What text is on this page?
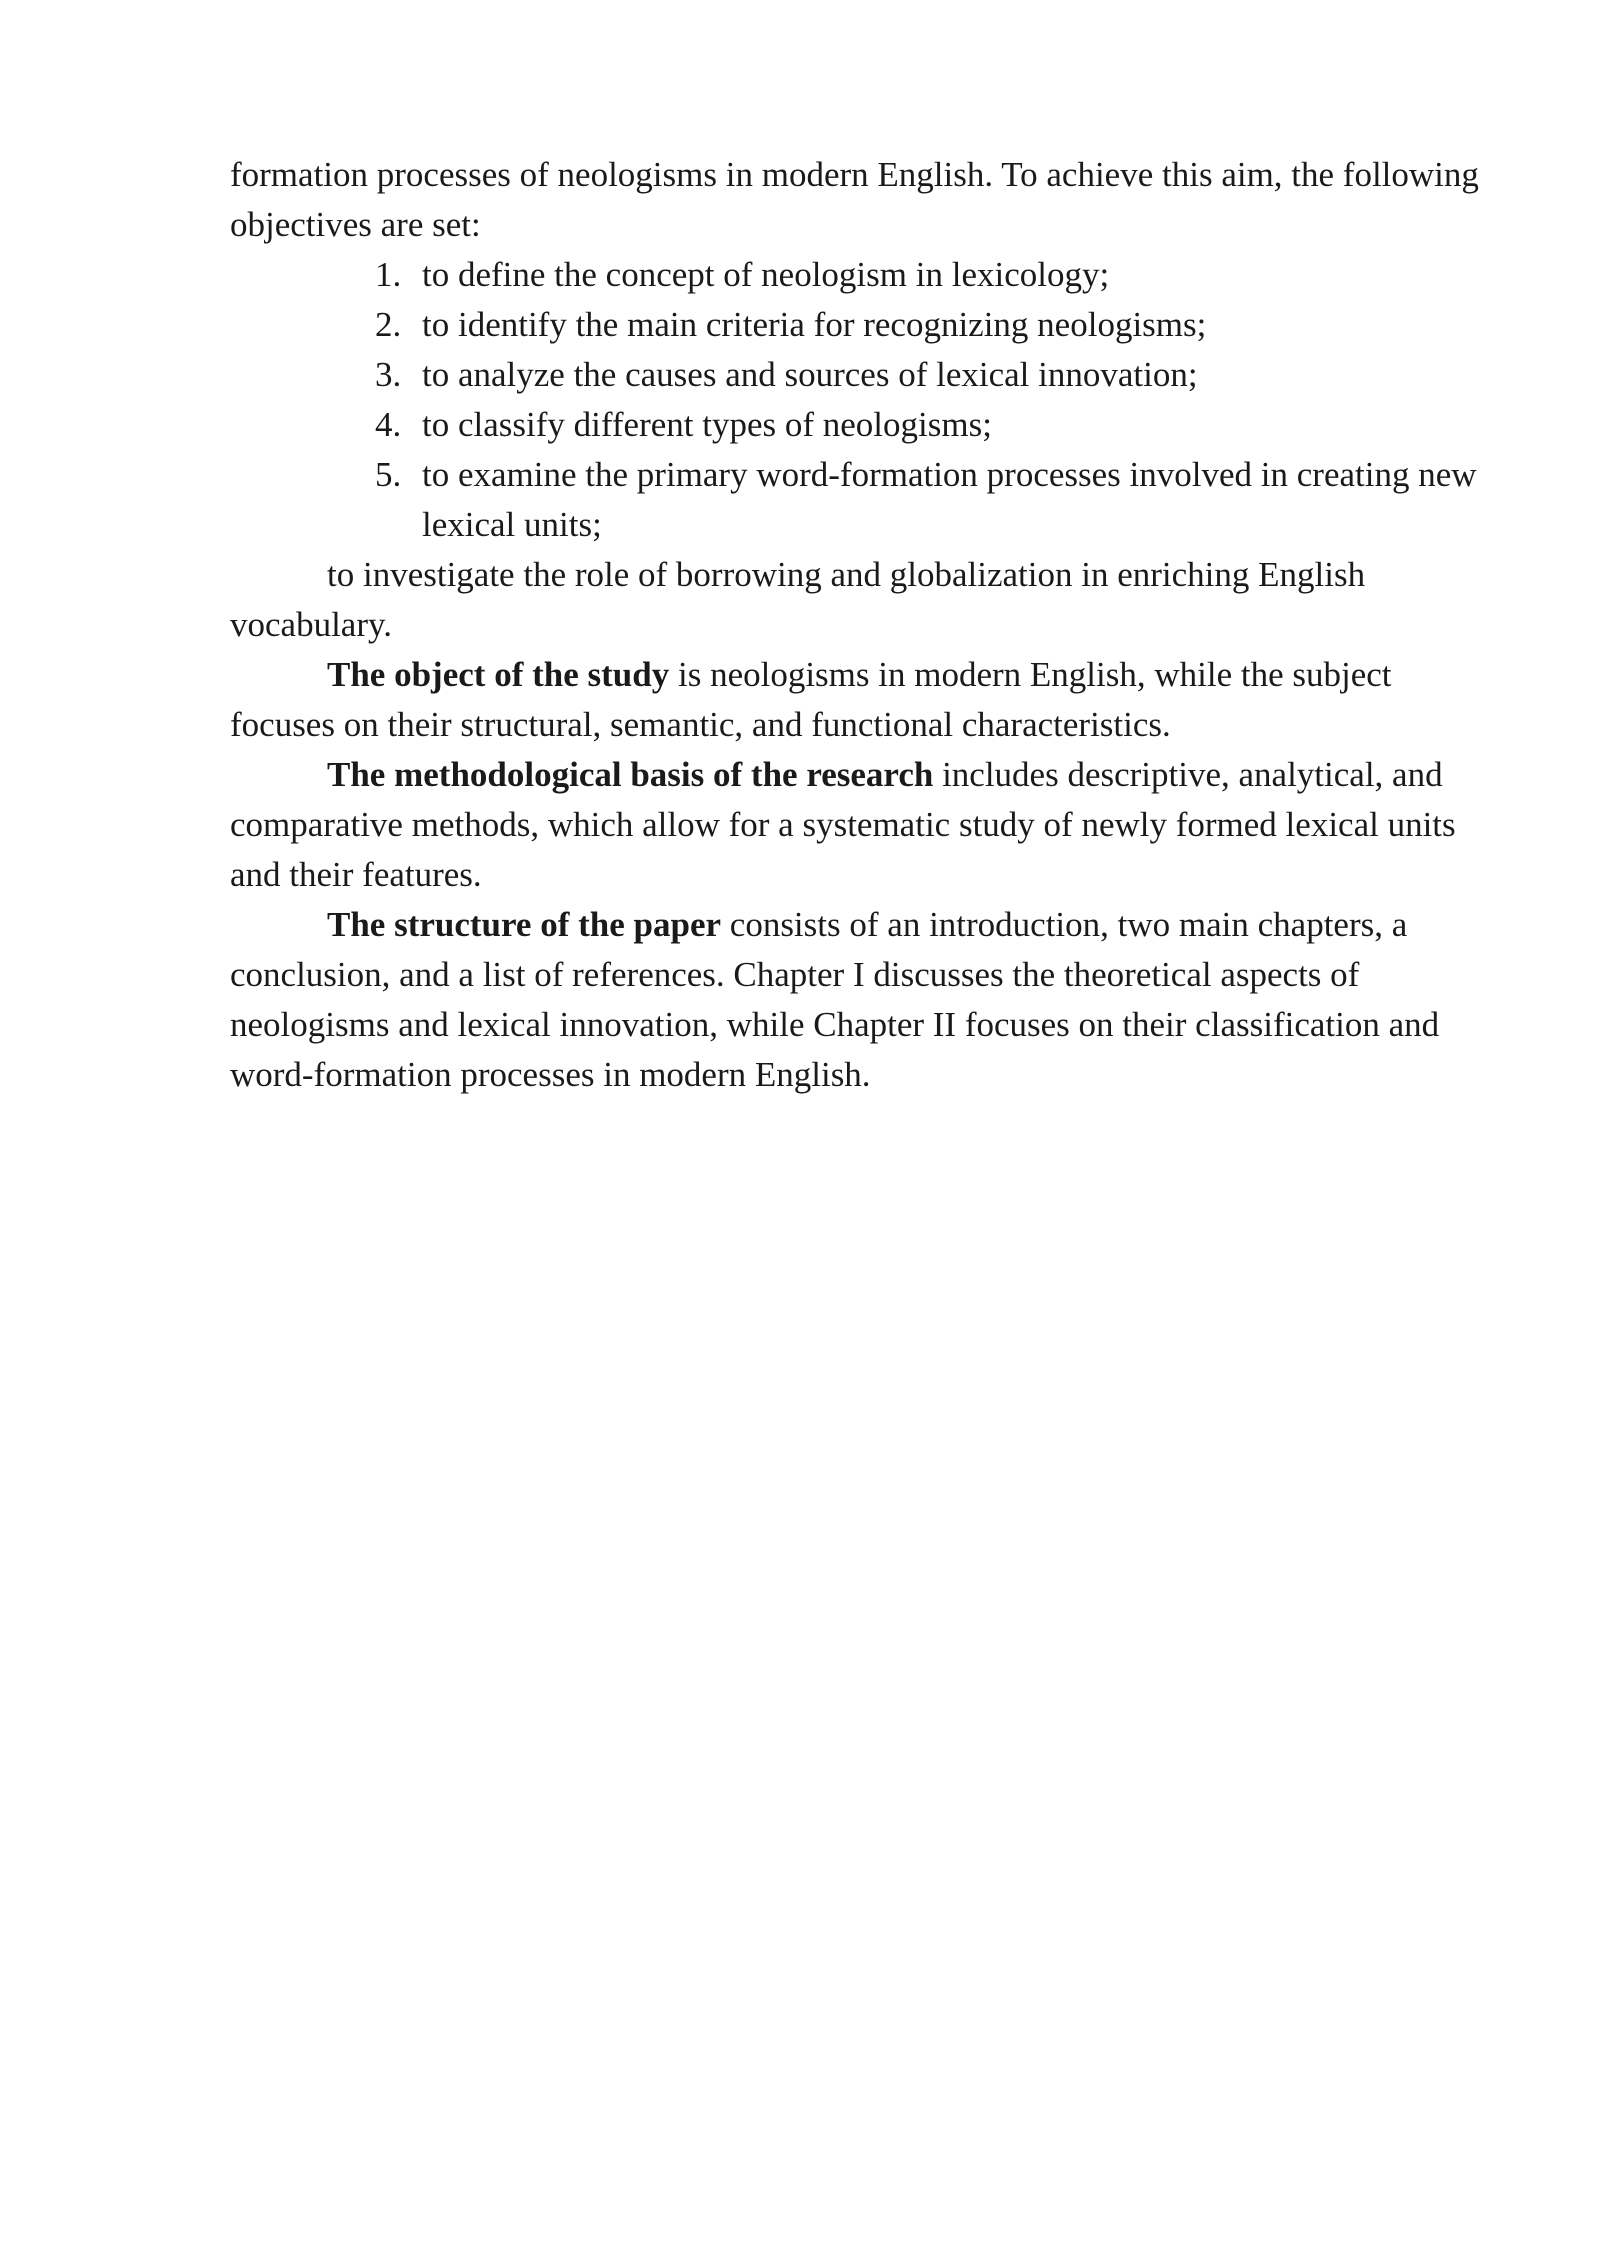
formation processes of neologisms in modern English. To achieve this aim, the following objectives are set:

1. to define the concept of neologism in lexicology;
2. to identify the main criteria for recognizing neologisms;
3. to analyze the causes and sources of lexical innovation;
4. to classify different types of neologisms;
5. to examine the primary word-formation processes involved in creating new lexical units;

to investigate the role of borrowing and globalization in enriching English vocabulary.

The object of the study is neologisms in modern English, while the subject focuses on their structural, semantic, and functional characteristics.

The methodological basis of the research includes descriptive, analytical, and comparative methods, which allow for a systematic study of newly formed lexical units and their features.

The structure of the paper consists of an introduction, two main chapters, a conclusion, and a list of references. Chapter I discusses the theoretical aspects of neologisms and lexical innovation, while Chapter II focuses on their classification and word-formation processes in modern English.
